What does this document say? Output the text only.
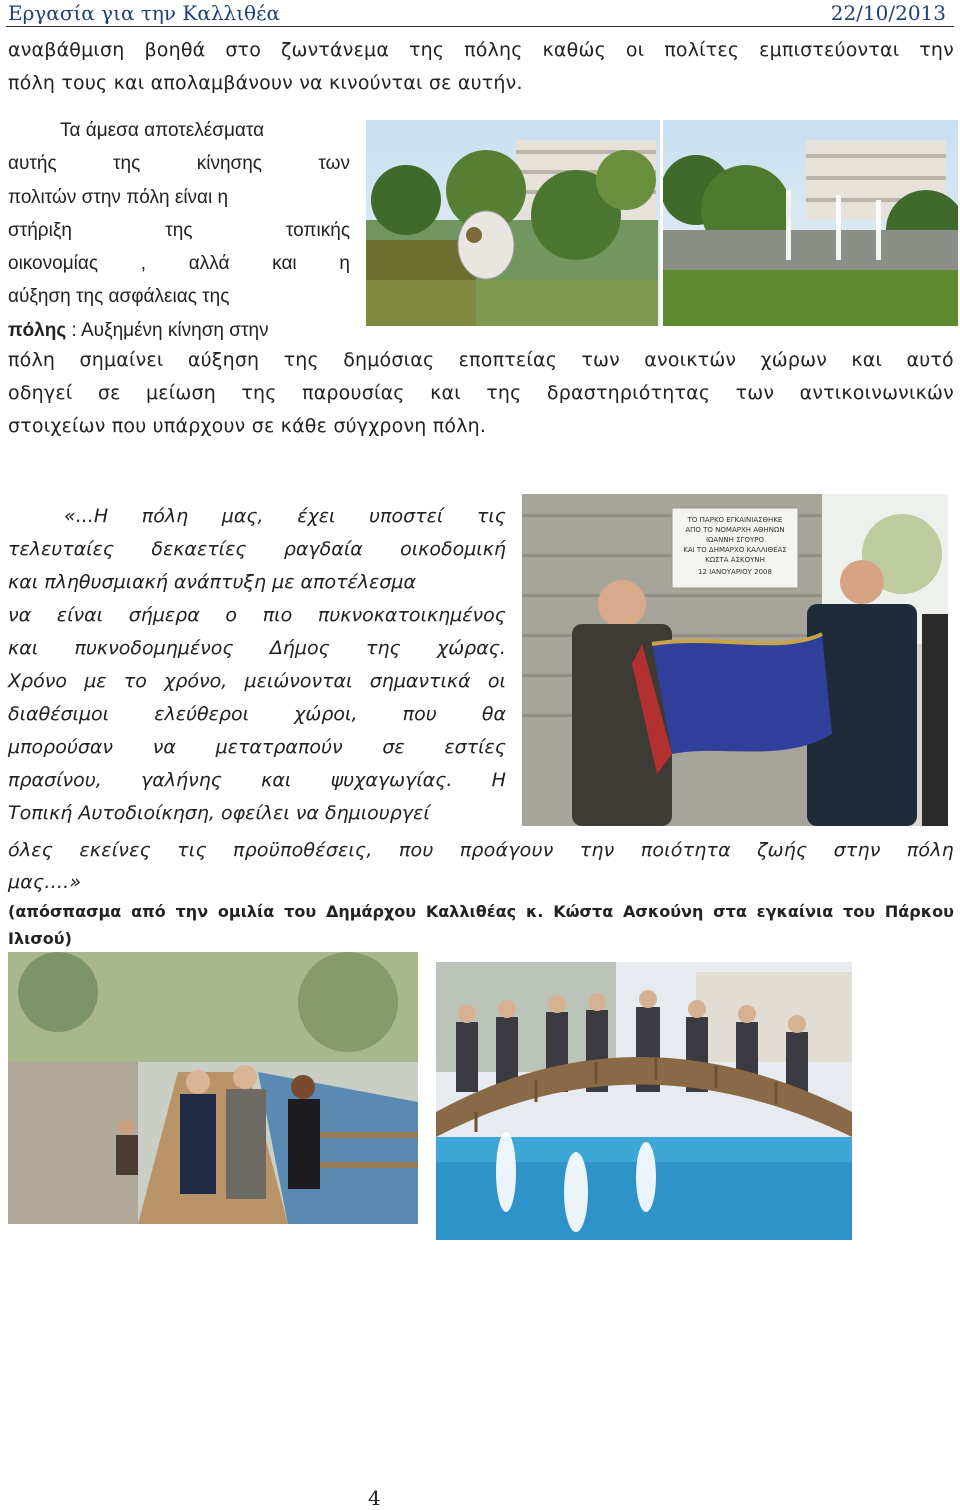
Εργασία για την Καλλιθέα	22/10/2013
αναβάθμιση βοηθά στο ζωντάνεμα της πόλης καθώς οι πολίτες εμπιστεύονται την
πόλη τους και απολαμβάνουν να κινούνται σε αυτήν.
Τα άμεσα αποτελέσματα
αυτής	της	κίνησης	των
πολιτών στην πόλη είναι η
στήριξη	της	τοπικής
οικονομίας , αλλά και η
αύξηση της ασφάλειας της
πόλης : Αυξημένη κίνηση στην
πόλη σημαίνει αύξηση της δημόσιας εποπτείας των ανοικτών χώρων και αυτό
οδηγεί σε μείωση της παρουσίας και της δραστηριότητας των αντικοινωνικών
στοιχείων που υπάρχουν σε κάθε σύγχρονη πόλη.
«...Η πόλη μας, έχει υποστεί τις
τελευταίες δεκαετίες ραγδαία οικοδομική
και πληθυσμιακή ανάπτυξη με αποτέλεσμα
να είναι σήμερα ο πιο πυκνοκατοικημένος
και πυκνοδομημένος Δήμος της χώρας.
Χρόνο με το χρόνο, μειώνονται σημαντικά οι
διαθέσιμοι ελεύθεροι χώροι, που θα
μπορούσαν να μετατραπούν σε εστίες
πρασίνου, γαλήνης και ψυχαγωγίας. Η
Τοπική Αυτοδιοίκηση, οφείλει να δημιουργεί
ΤΟ ΠΑΡΚΟ ΕΓΚΑΙΝΙΑΣΘΗΚΕ
ΑΠΟ ΤΟ ΝΟΜΑΡΧΗ ΑΘΗΝΩΝ
ΙΩΑΝΝΗ ΣΓΟΥΡΟ
ΚΑΙ ΤΟ ΔΗΜΑΡΧΟ ΚΑΛΛΙΘΕΑΣ
ΚΩΣΤΑ ΑΣΚΟΥΝΗ
12 ΙΑΝΟΥΑΡΙΟΥ 2008
όλες εκείνες τις προϋποθέσεις, που προάγουν την ποιότητα ζωής στην πόλη
μας....»
(απόσπασμα από την ομιλία του Δημάρχου Καλλιθέας κ. Κώστα Ασκούνη στα εγκαίνια του Πάρκου
Ιλισού)
4
